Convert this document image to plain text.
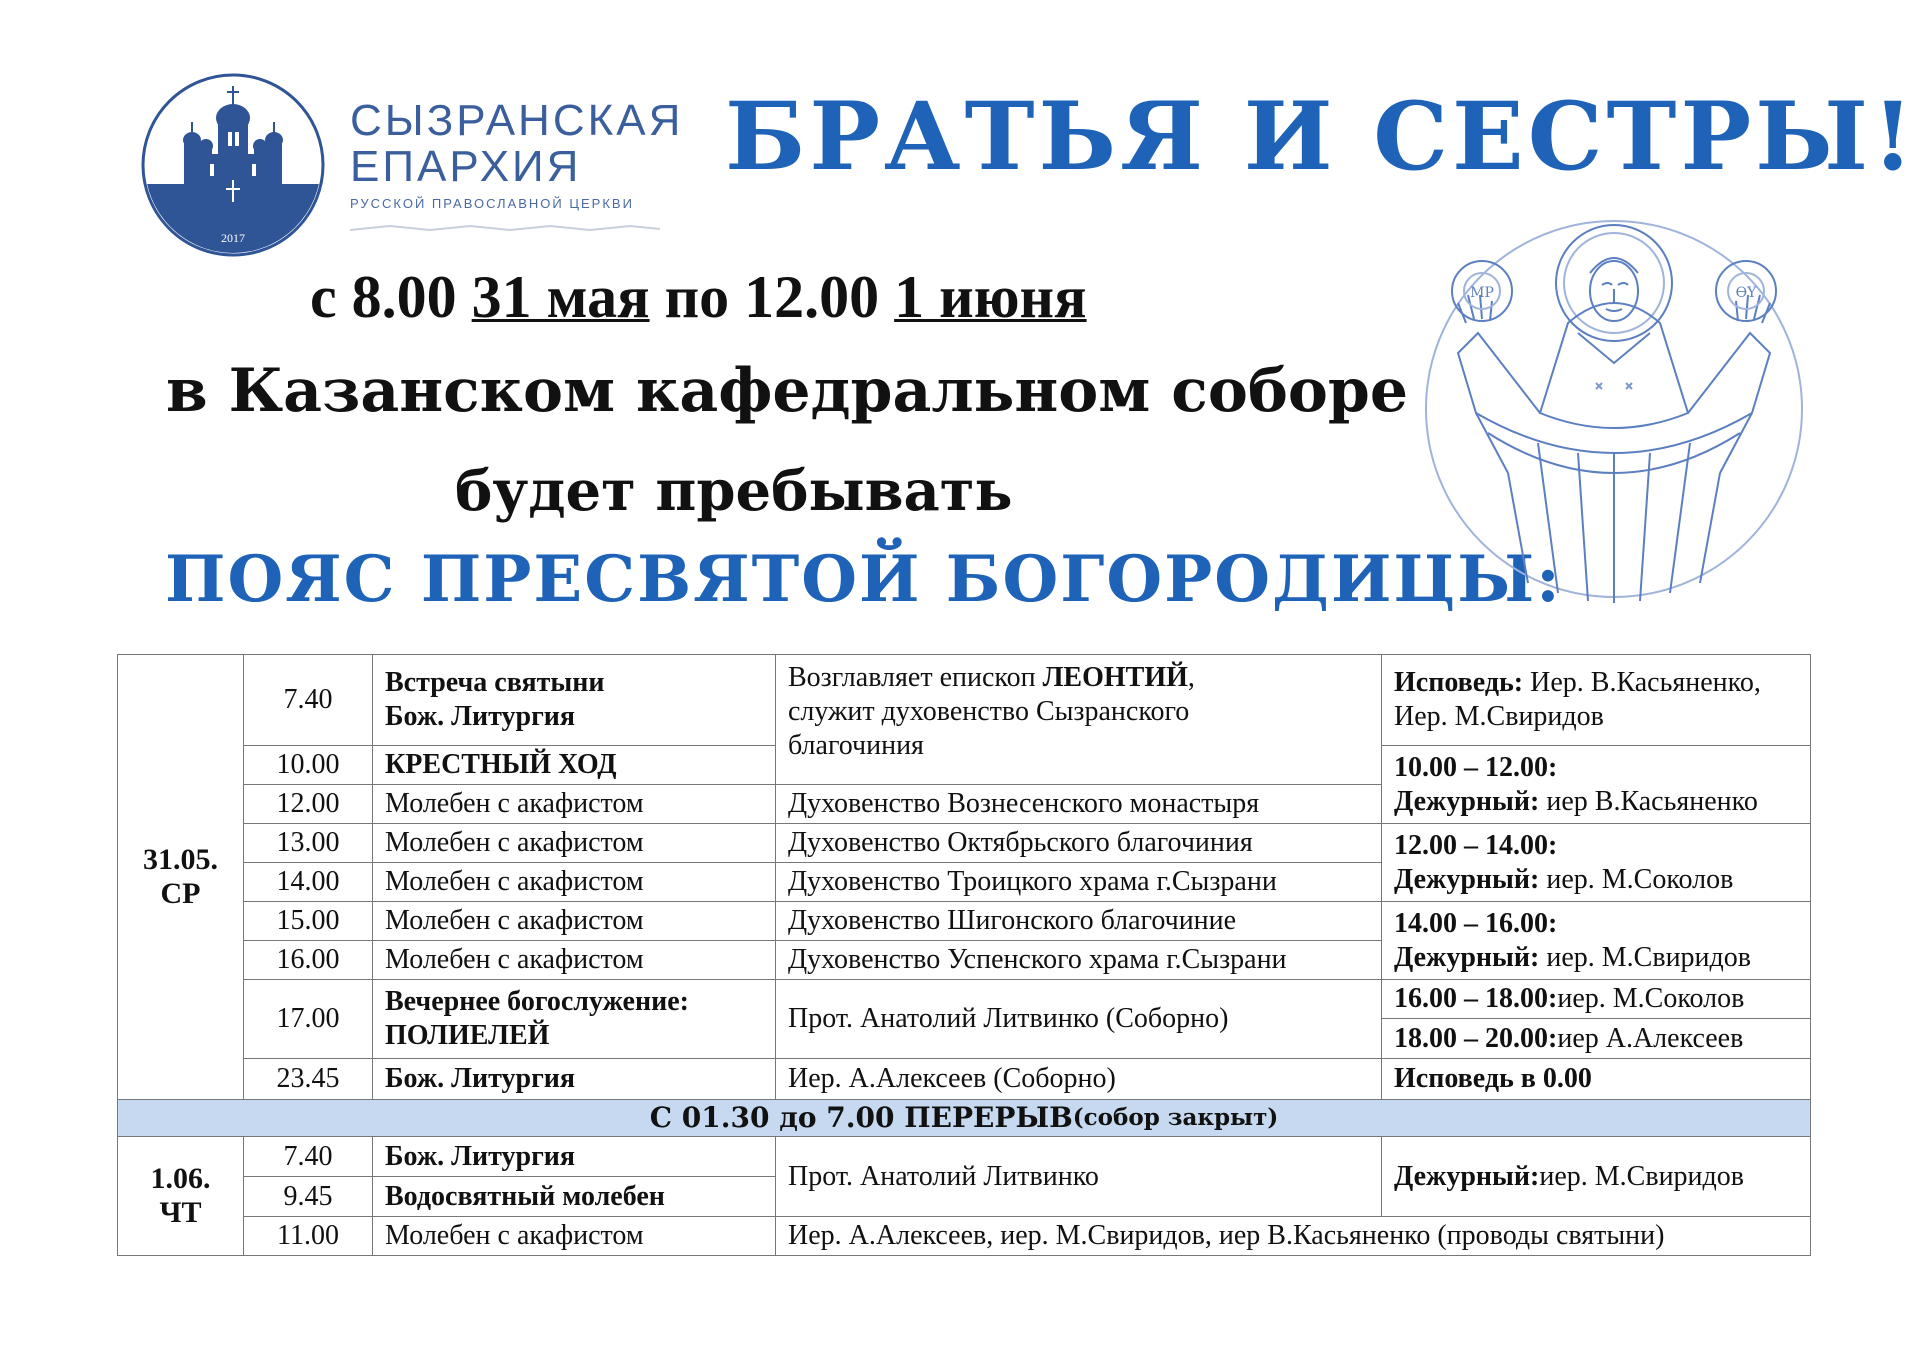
2017
СЫЗРАНСКАЯ
ЕПАРХИЯ
РУССКОЙ ПРАВОСЛАВНОЙ ЦЕРКВИ
БРАТЬЯ И СЕСТРЫ!
с 8.00 31 мая по 12.00 1 июня
в Казанском кафедральном соборе
будет пребывать
ПОЯС ПРЕСВЯТОЙ БОГОРОДИЦЫ:
МР	ѲΥ
31.05.
СР
7.40
10.00
12.00
13.00
14.00
15.00
16.00
17.00
23.45
Встреча святыни
Бож. Литургия
КРЕСТНЫЙ ХОД
Молебен с акафистом
Молебен с акафистом
Молебен с акафистом
Молебен с акафистом
Молебен с акафистом
Вечернее богослужение:
ПОЛИЕЛЕЙ
Бож. Литургия
Возглавляет епископ ЛЕОНТИЙ,
служит духовенство Сызранского
благочиния
Духовенство Вознесенского монастыря
Духовенство Октябрьского благочиния
Духовенство Троицкого храма г.Сызрани
Духовенство Шигонского благочиние
Духовенство Успенского храма г.Сызрани
Прот. Анатолий Литвинко (Соборно)
Иер. А.Алексеев (Соборно)
Исповедь: Иер. В.Касьяненко,
Иер. М.Свиридов
10.00 – 12.00:
Дежурный: иер В.Касьяненко
12.00 – 14.00:
Дежурный: иер. М.Соколов
14.00 – 16.00:
Дежурный: иер. М.Свиридов
16.00 – 18.00: иер. М.Соколов
18.00 – 20.00: иер А.Алексеев
Исповедь в 0.00
С 01.30 до 7.00 ПЕРЕРЫВ (собор закрыт)
1.06.
ЧТ
7.40
9.45
11.00
Бож. Литургия
Водосвятный молебен
Молебен с акафистом
Прот. Анатолий Литвинко	Дежурный: иер. М.Свиридов
Иер. А.Алексеев, иер. М.Свиридов, иер В.Касьяненко (проводы святыни)
